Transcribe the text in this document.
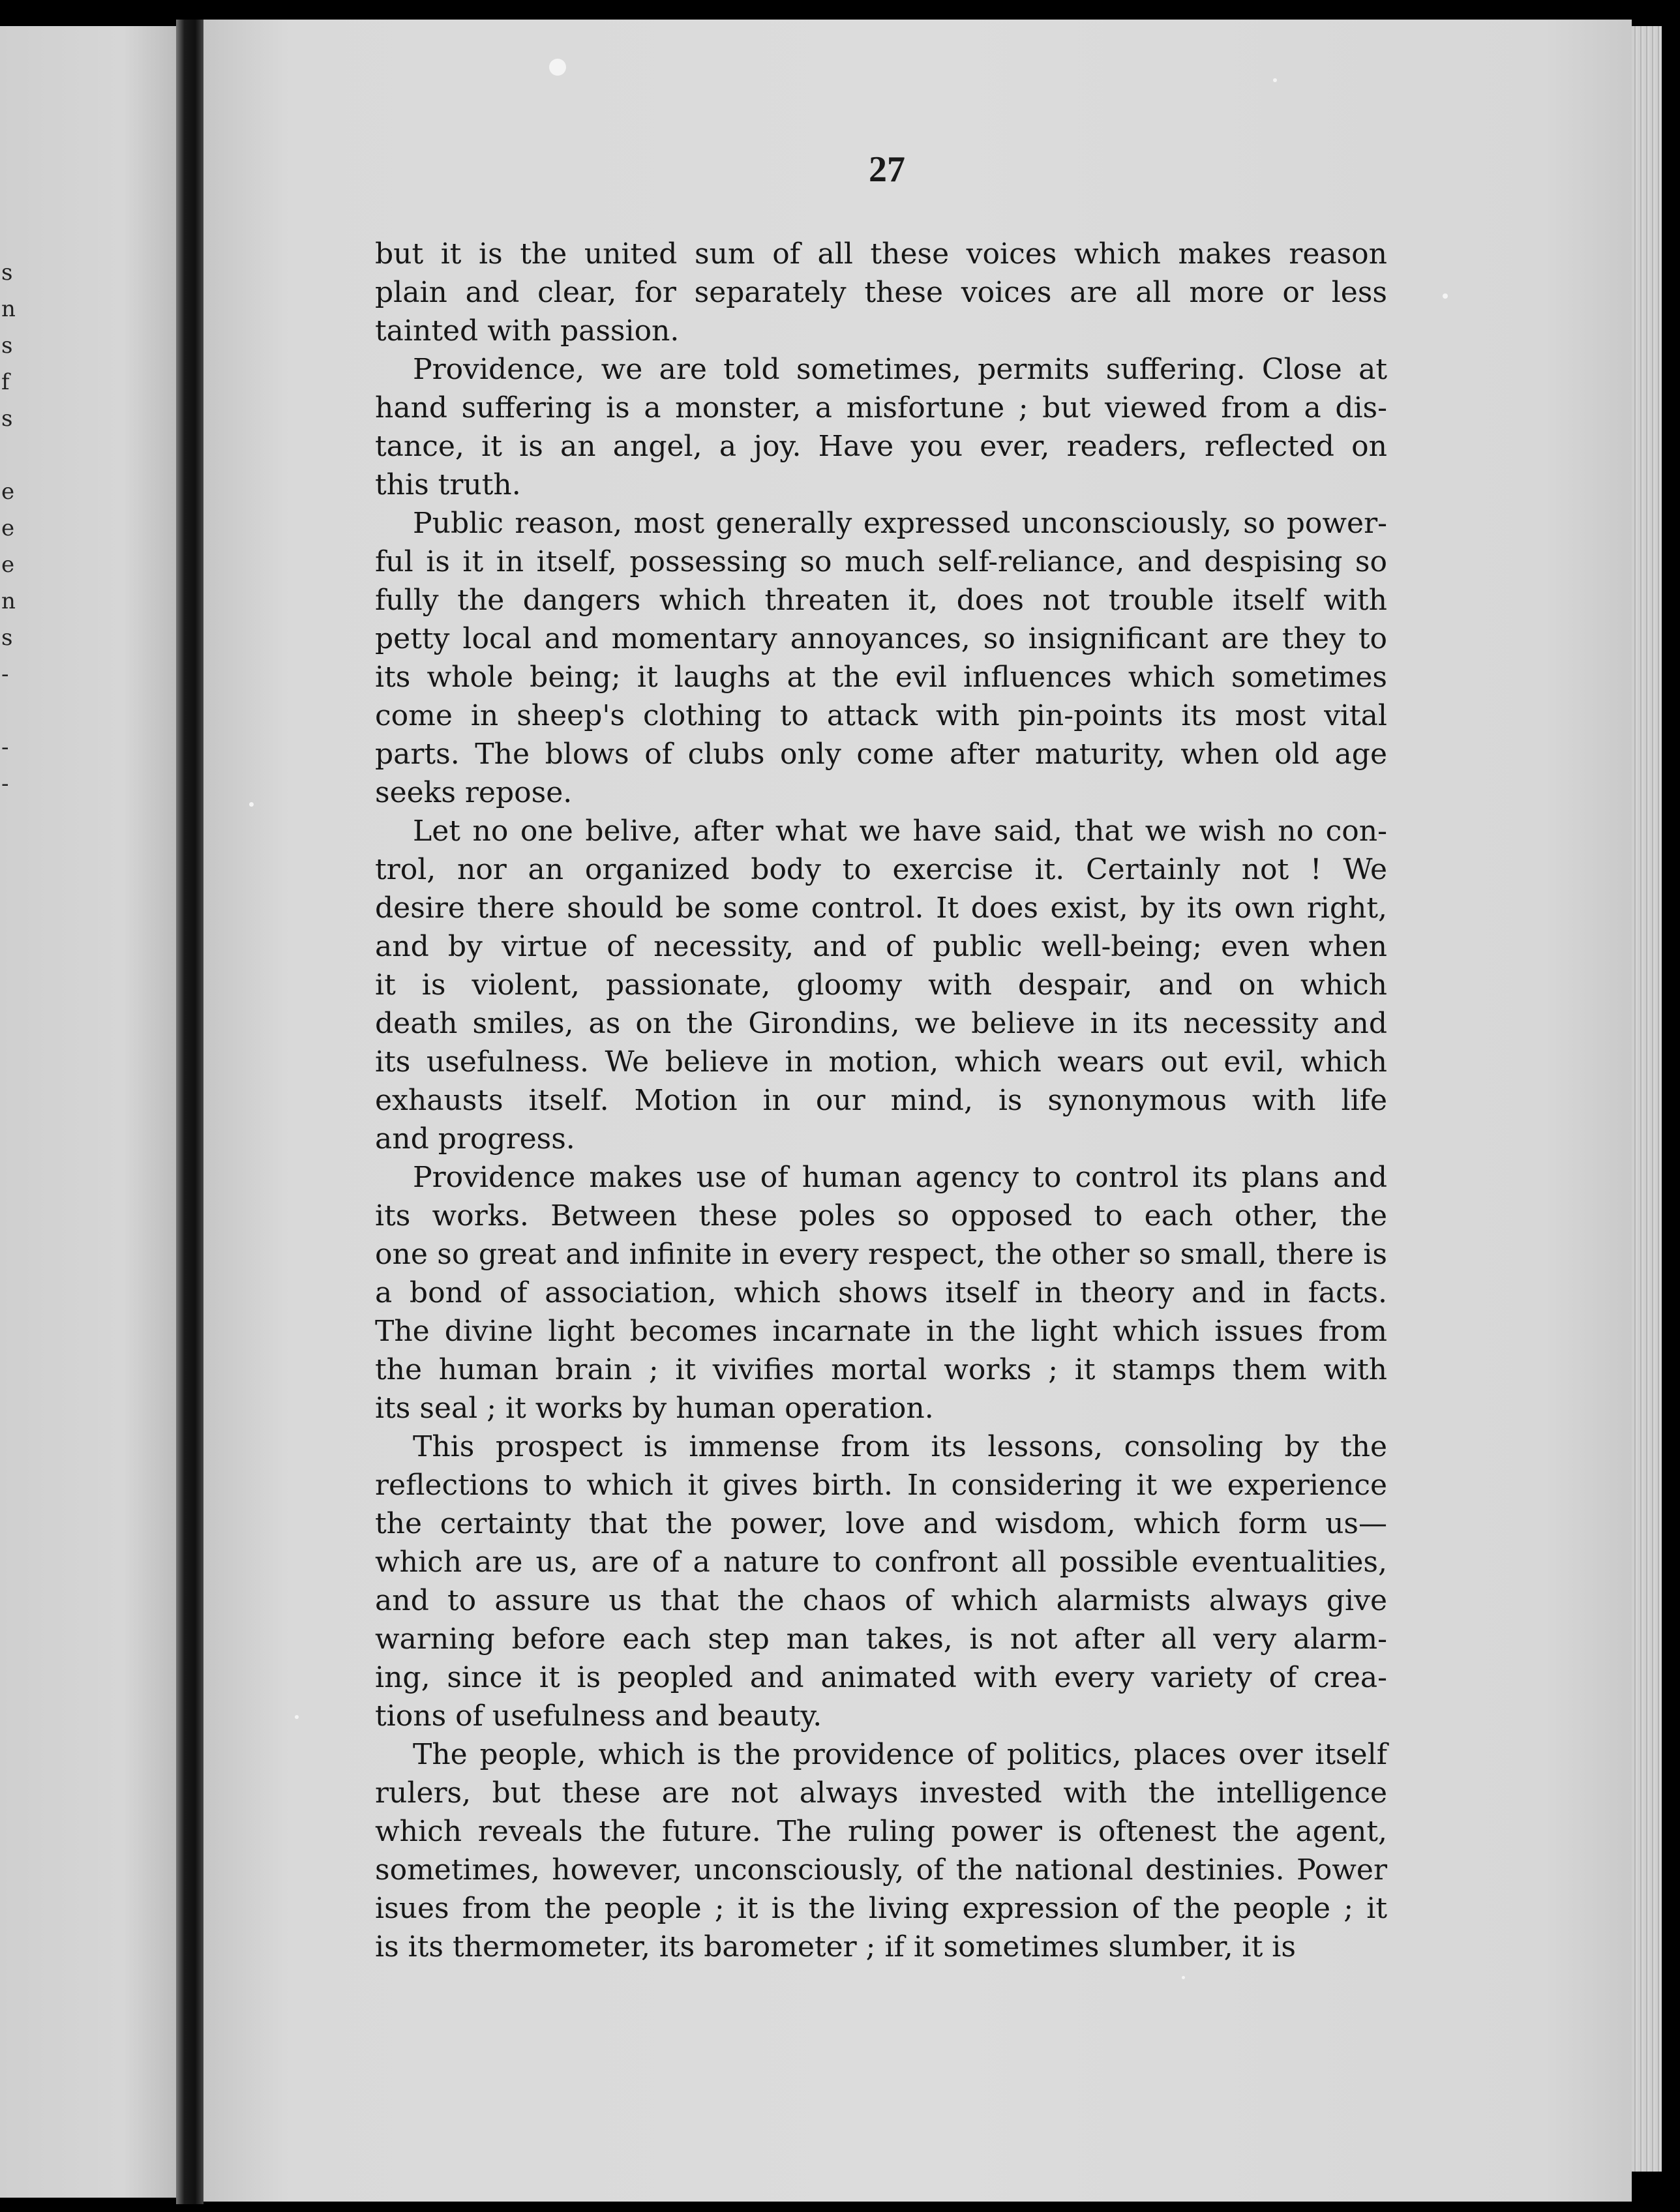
s
n
s
f
s

e
e
e
n
s
-

-
-
27
but it is the united sum of all these voices which makes reason
plain and clear, for separately these voices are all more or less
tainted with passion.
Providence, we are told sometimes, permits suffering. Close at
hand suffering is a monster, a misfortune ; but viewed from a dis-
tance, it is an angel, a joy. Have you ever, readers, reflected on
this truth.
Public reason, most generally expressed unconsciously, so power-
ful is it in itself, possessing so much self-reliance, and despising so
fully the dangers which threaten it, does not trouble itself with
petty local and momentary annoyances, so insignificant are they to
its whole being; it laughs at the evil influences which sometimes
come in sheep's clothing to attack with pin-points its most vital
parts. The blows of clubs only come after maturity, when old age
seeks repose.
Let no one belive, after what we have said, that we wish no con-
trol, nor an organized body to exercise it. Certainly not ! We
desire there should be some control. It does exist, by its own right,
and by virtue of necessity, and of public well-being; even when
it is violent, passionate, gloomy with despair, and on which
death smiles, as on the Girondins, we believe in its necessity and
its usefulness. We believe in motion, which wears out evil, which
exhausts itself. Motion in our mind, is synonymous with life
and progress.
Providence makes use of human agency to control its plans and
its works. Between these poles so opposed to each other, the
one so great and infinite in every respect, the other so small, there is
a bond of association, which shows itself in theory and in facts.
The divine light becomes incarnate in the light which issues from
the human brain ; it vivifies mortal works ; it stamps them with
its seal ; it works by human operation.
This prospect is immense from its lessons, consoling by the
reflections to which it gives birth. In considering it we experience
the certainty that the power, love and wisdom, which form us—
which are us, are of a nature to confront all possible eventualities,
and to assure us that the chaos of which alarmists always give
warning before each step man takes, is not after all very alarm-
ing, since it is peopled and animated with every variety of crea-
tions of usefulness and beauty.
The people, which is the providence of politics, places over itself
rulers, but these are not always invested with the intelligence
which reveals the future. The ruling power is oftenest the agent,
sometimes, however, unconsciously, of the national destinies. Power
isues from the people ; it is the living expression of the people ; it
is its thermometer, its barometer ; if it sometimes slumber, it is
